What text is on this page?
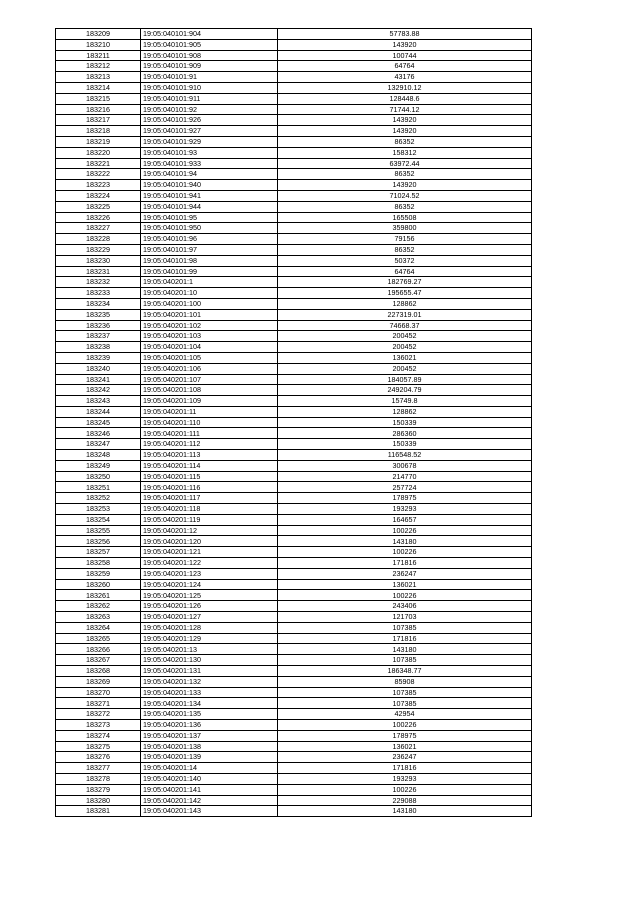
183209	19:05:040101:904	57783.88
183210	19:05:040101:905	143920
183211	19:05:040101:908	100744
183212	19:05:040101:909	64764
183213	19:05:040101:91	43176
183214	19:05:040101:910	132910.12
183215	19:05:040101:911	128448.6
183216	19:05:040101:92	71744.12
183217	19:05:040101:926	143920
183218	19:05:040101:927	143920
183219	19:05:040101:929	86352
183220	19:05:040101:93	158312
183221	19:05:040101:933	63972.44
183222	19:05:040101:94	86352
183223	19:05:040101:940	143920
183224	19:05:040101:941	71024.52
183225	19:05:040101:944	86352
183226	19:05:040101:95	165508
183227	19:05:040101:950	359800
183228	19:05:040101:96	79156
183229	19:05:040101:97	86352
183230	19:05:040101:98	50372
183231	19:05:040101:99	64764
183232	19:05:040201:1	182769.27
183233	19:05:040201:10	195655.47
183234	19:05:040201:100	128862
183235	19:05:040201:101	227319.01
183236	19:05:040201:102	74668.37
183237	19:05:040201:103	200452
183238	19:05:040201:104	200452
183239	19:05:040201:105	136021
183240	19:05:040201:106	200452
183241	19:05:040201:107	184057.89
183242	19:05:040201:108	249204.79
183243	19:05:040201:109	15749.8
183244	19:05:040201:11	128862
183245	19:05:040201:110	150339
183246	19:05:040201:111	286360
183247	19:05:040201:112	150339
183248	19:05:040201:113	116548.52
183249	19:05:040201:114	300678
183250	19:05:040201:115	214770
183251	19:05:040201:116	257724
183252	19:05:040201:117	178975
183253	19:05:040201:118	193293
183254	19:05:040201:119	164657
183255	19:05:040201:12	100226
183256	19:05:040201:120	143180
183257	19:05:040201:121	100226
183258	19:05:040201:122	171816
183259	19:05:040201:123	236247
183260	19:05:040201:124	136021
183261	19:05:040201:125	100226
183262	19:05:040201:126	243406
183263	19:05:040201:127	121703
183264	19:05:040201:128	107385
183265	19:05:040201:129	171816
183266	19:05:040201:13	143180
183267	19:05:040201:130	107385
183268	19:05:040201:131	186348.77
183269	19:05:040201:132	85908
183270	19:05:040201:133	107385
183271	19:05:040201:134	107385
183272	19:05:040201:135	42954
183273	19:05:040201:136	100226
183274	19:05:040201:137	178975
183275	19:05:040201:138	136021
183276	19:05:040201:139	236247
183277	19:05:040201:14	171816
183278	19:05:040201:140	193293
183279	19:05:040201:141	100226
183280	19:05:040201:142	229088
183281	19:05:040201:143	143180
